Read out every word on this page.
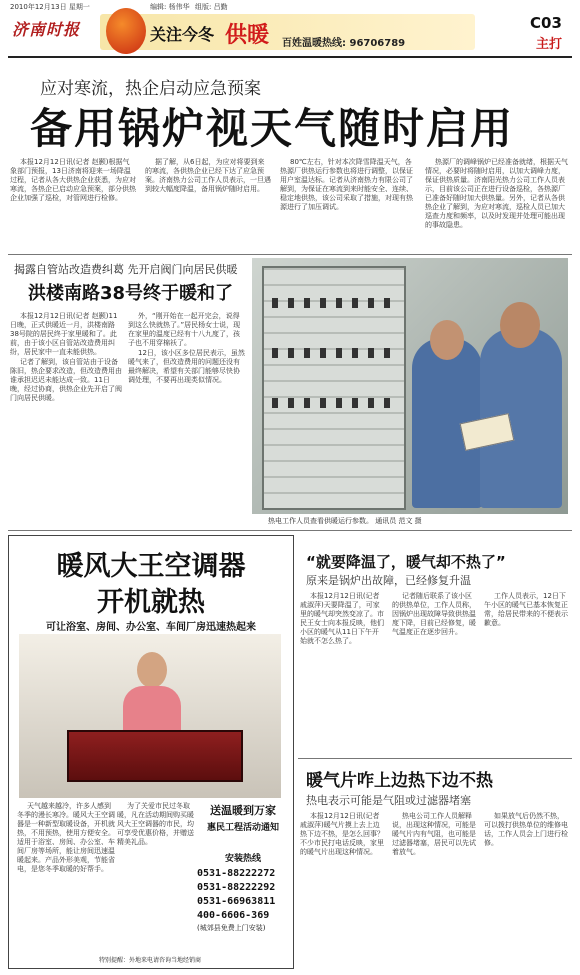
2010年12月13日 星期一	编辑: 杨伟华 组版: 吕勤
济南时报	关注今冬 供暖 百姓温暖热线: 96706789
C03
主打
应对寒流，热企启动应急预案
备用锅炉视天气随时启用

本报12月12日讯(记者 赵颢)根据气象部门预报，13日济南将迎来一场降温过程，记者从各大供热企业获悉，为应对寒流，各热企已启动应急预案，部分供热企业加强了巡检，对管网进行检修。

据了解，从6日起，为应对将要到来的寒流，各供热企业已经下达了应急预案。济南热力公司工作人员表示，一旦遇到较大幅度降温，备用锅炉随时启用。

80℃左右，针对本次降雪降温天气，各热源厂供热运行参数也将进行调整，以保证用户室温达标。记者从济南热力有限公司了解到，为保证在寒流到来时能安全、连续、稳定地供热，该公司采取了措施，对现有热源进行了加压调试。

热源厂的调峰锅炉已经准备就绪，根据天气情况，必要时将随时启用，以加大调峰力度，保证供热质量。济南阳光热力公司工作人员表示，目前该公司正在进行设备巡检，各热源厂已准备好随时加大供热量。另外，记者从各供热企业了解到，为应对寒流，巡检人员已加大巡查力度和频率，以及时发现并处理可能出现的事故隐患。

揭露自管站改造费纠葛 先开启阀门向居民供暖
洪楼南路38号终于暖和了

本报12月12日讯(记者 赵颢)11日晚，正式供暖近一月，洪楼南路38号院的居民终于家里暖和了。此前，由于该小区自管站改造费用纠纷，居民家中一直未能供热。

记者了解到，该自管站由于设备陈旧，热企要求改造，但改造费用由谁承担迟迟未能达成一致。11日晚，经过协商，供热企业先开启了阀门向居民供暖。

外，“刚开始在一起开完会，说得到这么快就热了。”居民杨女士说，现在家里的温度已经有十八九度了，孩子也不用穿棉袄了。

12日，该小区多位居民表示，虽然暖气来了，但改造费用的问题还没有最终解决，希望有关部门能够尽快协调处理，不要再出现类似情况。

热电工作人员查看供暖运行参数。 通讯员 范文 摄
暖风大王空调器
开机就热
可让浴室、房间、办公室、车间厂房迅速热起来

天气越来越冷，许多人感到冬季的漫长寒冷。暖风大王空调器是一种新型取暖设备，开机就热，不用预热，使用方便安全。适用于浴室、房间、办公室、车间厂房等场所，能让房间迅速温暖起来。产品外形美观，节能省电，是您冬季取暖的好帮手。

为了关爱市民过冬取暖，凡在活动期间购买暖风大王空调器的市民，均可享受优惠价格，并赠送精美礼品。

送温暖到万家
惠民工程活动通知
安装热线
0531-88222272
0531-88222292
0531-66963811
400-6606-369
(城郊县免费上门安装)
特别提醒：外地来电请咨询当地经销商
“就要降温了，暖气却不热了”
原来是锅炉出故障，已经修复升温

本报12月12日讯(记者 戚淑萍)天要降温了，可家里的暖气却突然变凉了。市民王女士向本报反映，他们小区的暖气从11日下午开始就不怎么热了。

记者随后联系了该小区的供热单位，工作人员称，因锅炉出现故障导致供热温度下降，目前已经修复，暖气温度正在逐步回升。

工作人员表示，12日下午小区的暖气已基本恢复正常，给居民带来的不便表示歉意。

暖气片咋上边热下边不热
热电表示可能是气阻或过滤器堵塞

本报12月12日讯(记者 戚淑萍)暖气片摸上去上边热下边不热，是怎么回事？不少市民打电话反映，家里的暖气片出现这种情况。

热电公司工作人员解释说，出现这种情况，可能是暖气片内有气阻，也可能是过滤器堵塞，居民可以先试着放气。

如果放气后仍然不热，可以拨打供热单位的维修电话，工作人员会上门进行检修。
